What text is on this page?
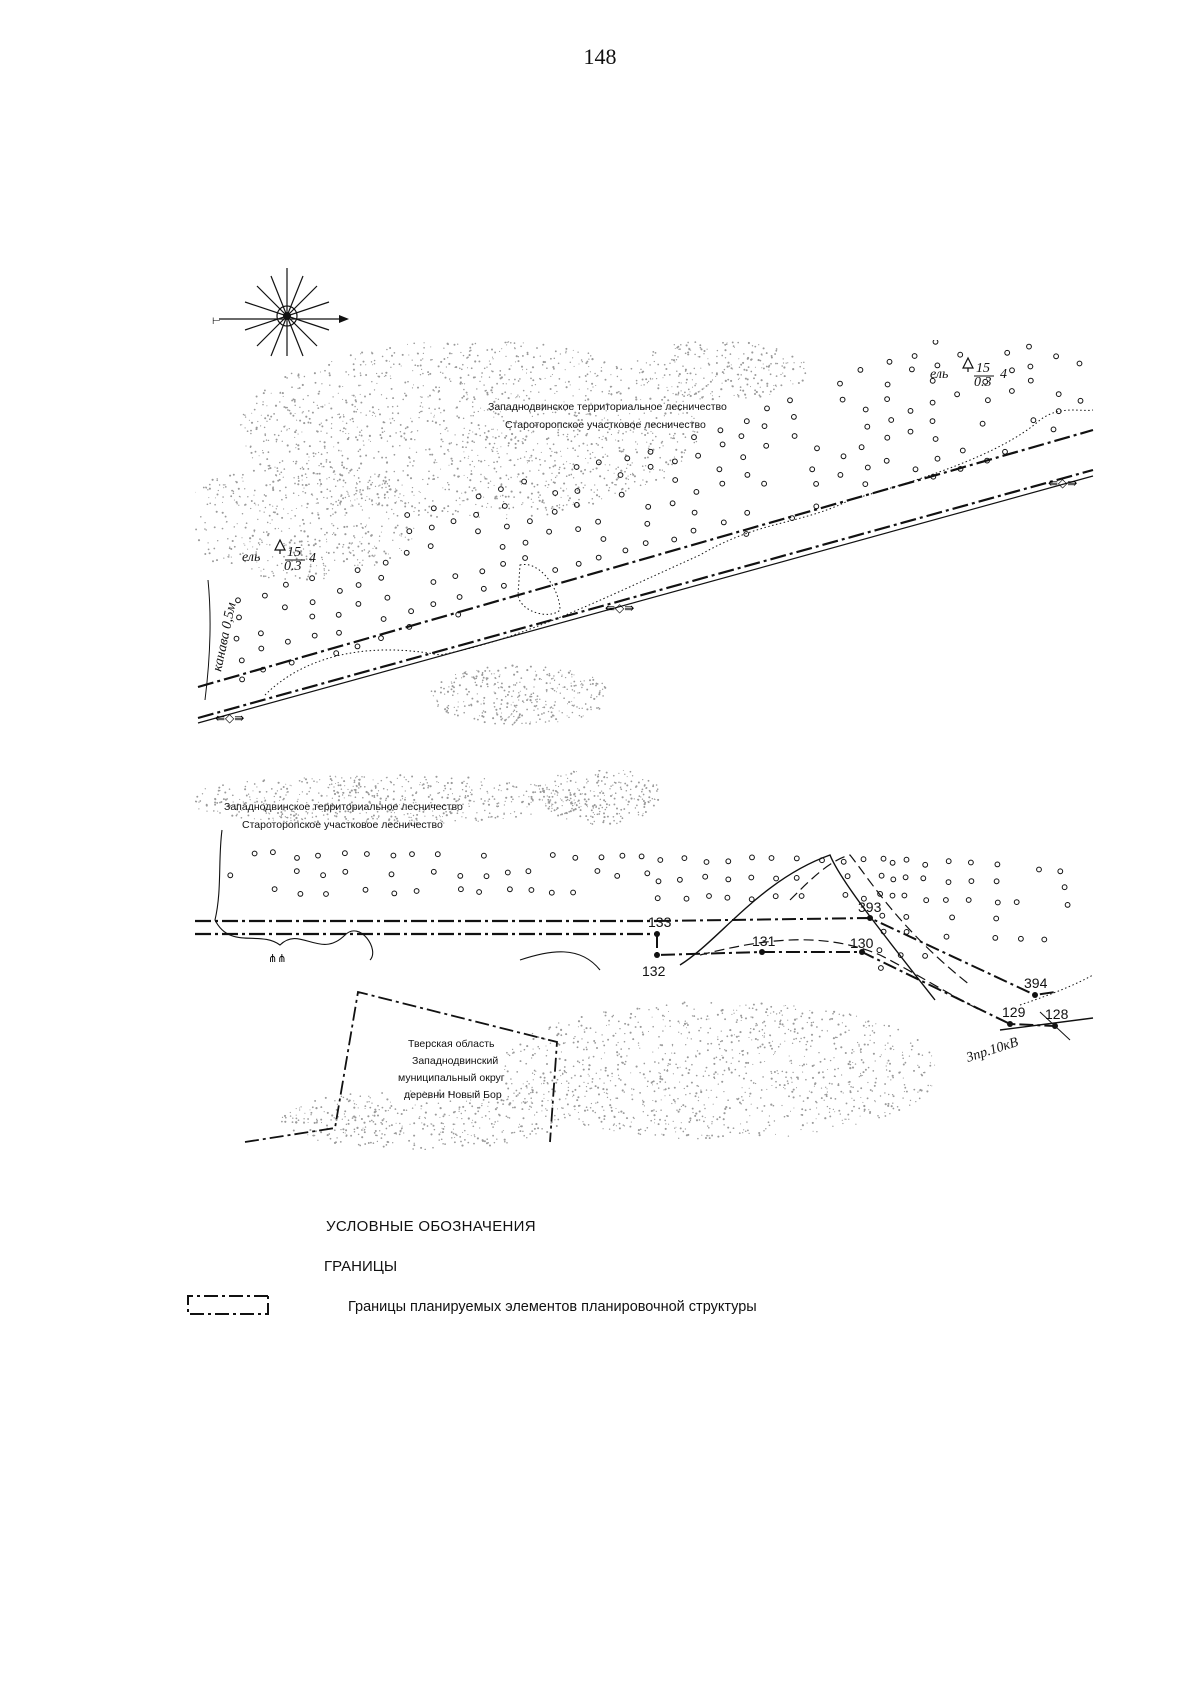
148
⊢
⇚◇⇛
⇚◇⇛
⇚◇⇛
Западнодвинское территориальное лесничество
Староторопское участковое лесничество
ель 15
0.3
4
ель 15
0.3
4
канава 0,5м
⋔⋔
133
132
131	130
393
394
129 128
3пр.10кВ
Западнодвинское территориальное лесничество
Староторопское участковое лесничество
Тверская область
Западнодвинский
муниципальный округ
деревни Новый Бор
УСЛОВНЫЕ ОБОЗНАЧЕНИЯ
ГРАНИЦЫ
Границы планируемых элементов планировочной структуры
